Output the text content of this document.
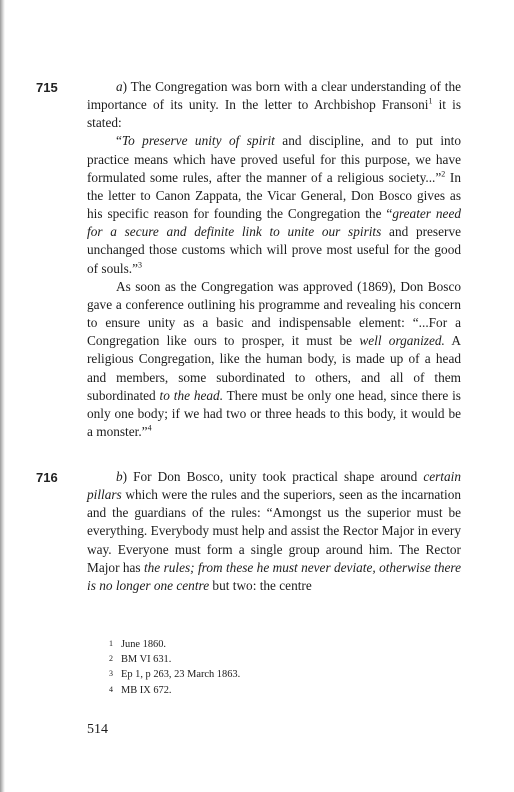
715	a) The Congregation was born with a clear understanding of the importance of its unity. In the letter to Archbishop Fransoni$^1$ it is stated:

“To preserve unity of spirit and discipline, and to put into practice means which have proved useful for this purpose, we have formulated some rules, after the manner of a religious society...”$^2$ In the letter to Canon Zappata, the Vicar General, Don Bosco gives as his specific reason for founding the Congregation the “greater need for a secure and definite link to unite our spirits and preserve unchanged those customs which will prove most useful for the good of souls.”$^3$

As soon as the Congregation was approved (1869), Don Bosco gave a conference outlining his programme and revealing his concern to ensure unity as a basic and indispensable element: “...For a Congregation like ours to prosper, it must be well organized. A religious Congregation, like the human body, is made up of a head and members, some subordinated to others, and all of them subordinated to the head. There must be only one head, since there is only one body; if we had two or three heads to this body, it would be a monster.”$^4$

716	b) For Don Bosco, unity took practical shape around certain pillars which were the rules and the superiors, seen as the incarnation and the guardians of the rules: “Amongst us the superior must be everything. Everybody must help and assist the Rector Major in every way. Everyone must form a single group around him. The Rector Major has the rules; from these he must never deviate, otherwise there is no longer one centre but two: the centre

1 June 1860.
2 BM VI 631.
3 Ep 1, p 263, 23 March 1863.
4 MB IX 672.
514
